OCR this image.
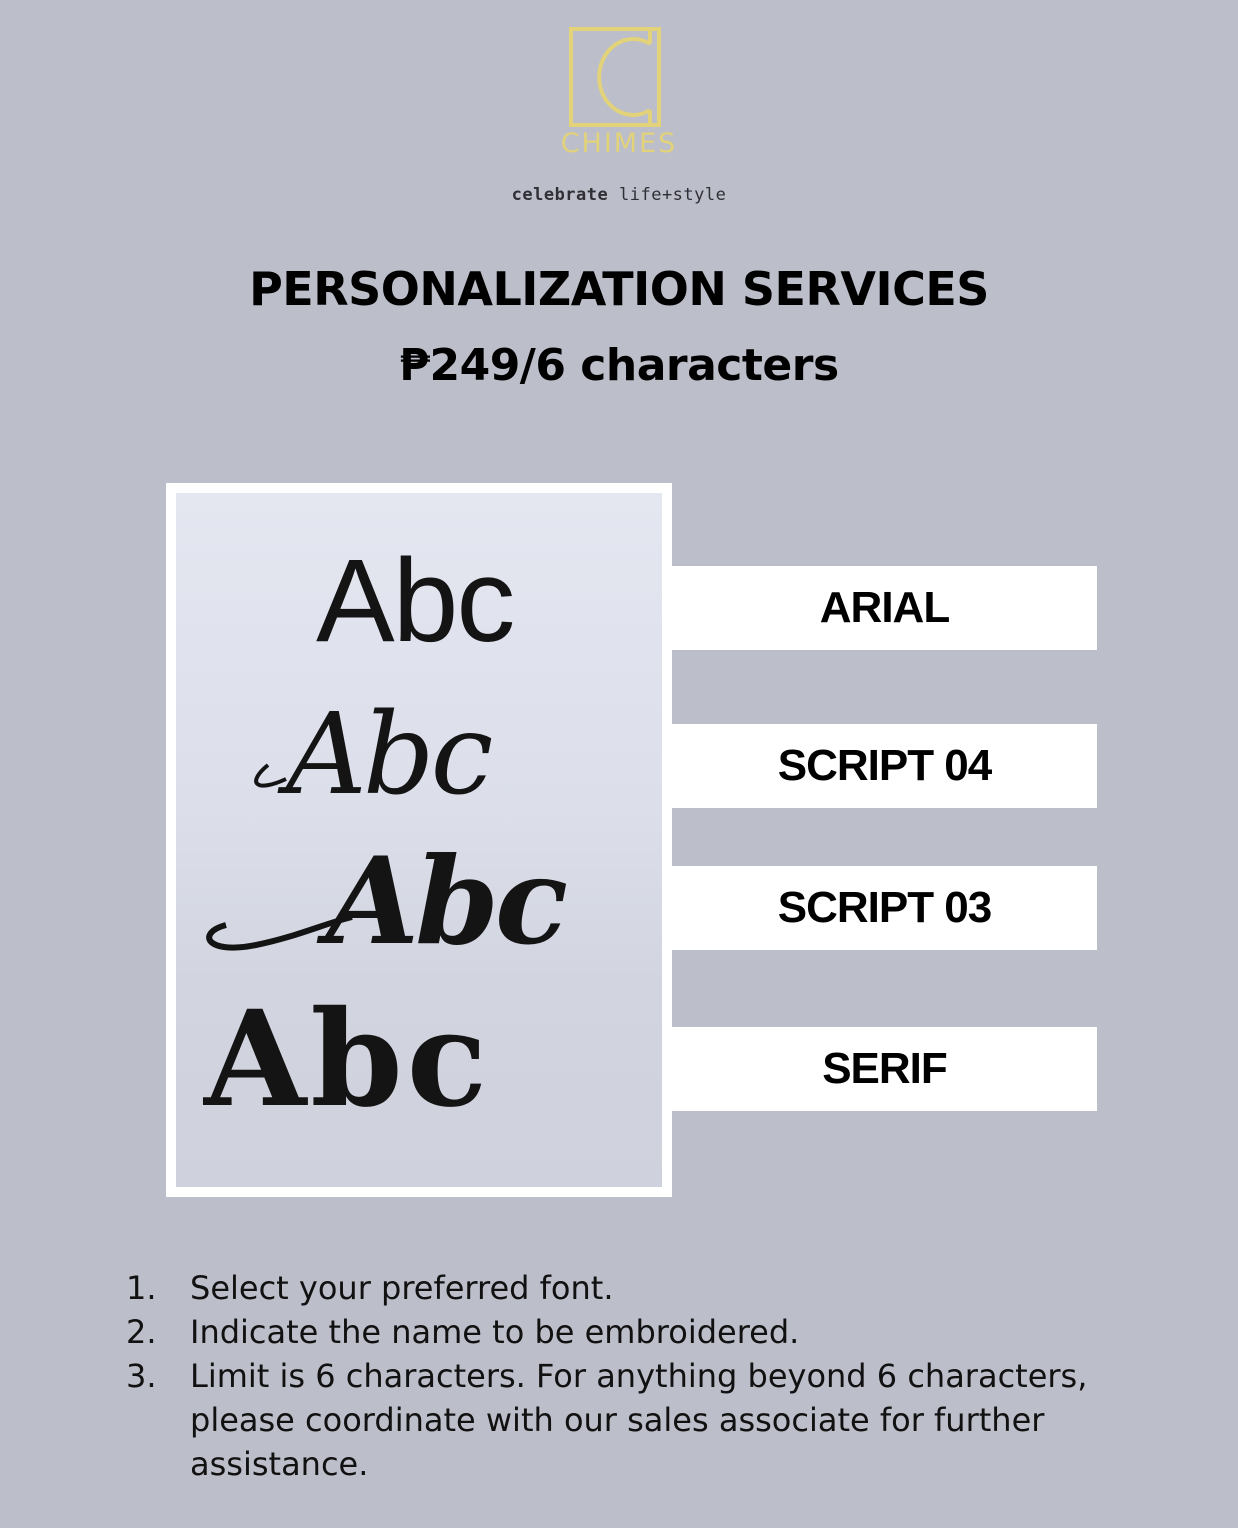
CHIMES
celebrate life+style
PERSONALIZATION SERVICES
₱249/6 characters
Abc
Abc
Abc
Abc
ARIAL
SCRIPT 04
SCRIPT 03
SERIF
1. Select your preferred font.
2. Indicate the name to be embroidered.
3. Limit is 6 characters. For anything beyond 6 characters, please coordinate with our sales associate for further assistance.
